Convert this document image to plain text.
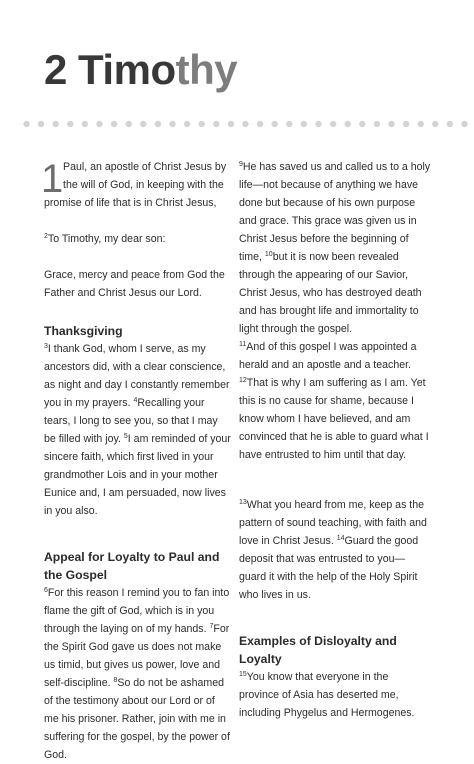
2 Timothy
1 Paul, an apostle of Christ Jesus by
the will of God, in keeping with the
promise of life that is in Christ Jesus,

$^2$To Timothy, my dear son:

Grace, mercy and peace from God the Father and Christ Jesus our Lord.

Thanksgiving

$^3$I thank God, whom I serve, as my ancestors did, with a clear conscience, as night and day I constantly remember you in my prayers. $^4$Recalling your tears, I long to see you, so that I may be filled with joy. $^5$I am reminded of your sincere faith, which first lived in your grandmother Lois and in your mother Eunice and, I am persuaded, now lives in you also.

Appeal for Loyalty to Paul and the Gospel

$^6$For this reason I remind you to fan into flame the gift of God, which is in you through the laying on of my hands. $^7$For the Spirit God gave us does not make us timid, but gives us power, love and self-discipline. $^8$So do not be ashamed of the testimony about our Lord or of me his prisoner. Rather, join with me in suffering for the gospel, by the power of God.

$^9$He has saved us and called us to a holy life—not because of anything we have done but because of his own purpose and grace. This grace was given us in Christ Jesus before the beginning of time, $^{10}$but it is now been revealed through the appearing of our Savior, Christ Jesus, who has destroyed death and has brought life and immortality to light through the gospel.

$^{11}$And of this gospel I was appointed a herald and an apostle and a teacher.

$^{12}$That is why I am suffering as I am. Yet this is no cause for shame, because I know whom I have believed, and am convinced that he is able to guard what I have entrusted to him until that day.

$^{13}$What you heard from me, keep as the pattern of sound teaching, with faith and love in Christ Jesus. $^{14}$Guard the good deposit that was entrusted to you—guard it with the help of the Holy Spirit who lives in us.

Examples of Disloyalty and Loyalty

$^{15}$You know that everyone in the province of Asia has deserted me, including Phygelus and Hermogenes.
